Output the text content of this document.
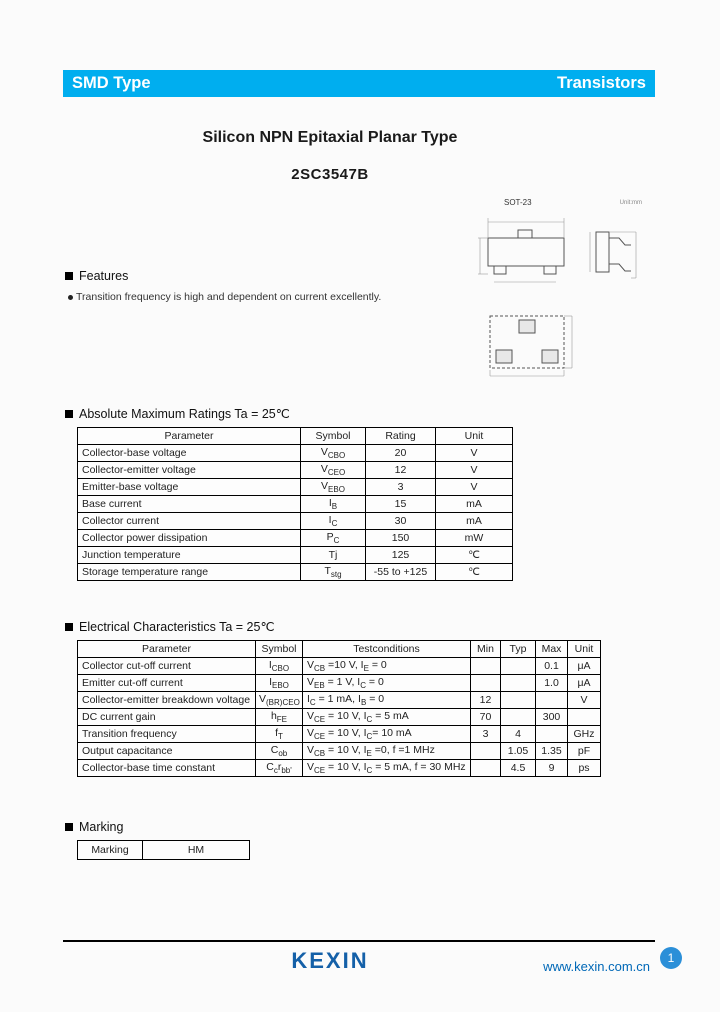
SMD Type	Transistors
Silicon NPN Epitaxial Planar Type
2SC3547B
SOT-23	Unit:mm
Features
Transition frequency is high and dependent on current excellently.
Absolute Maximum Ratings Ta = 25℃
Parameter	Symbol	Rating	Unit
Collector-base voltage	$V_{CBO}$	20	V
Collector-emitter voltage	$V_{CEO}$	12	V
Emitter-base voltage	$V_{EBO}$	3	V
Base current	$I_B$	15	mA
Collector current	$I_C$	30	mA
Collector power dissipation	$P_C$	150	mW
Junction temperature	Tj	125	℃
Storage temperature range	$T_{stg}$	-55 to +125	℃
Electrical Characteristics Ta = 25℃
Parameter	Symbol	Testconditions	Min	Typ	Max	Unit
Collector cut-off current	$I_{CBO}$	$V_{CB} =10$ V, $I_E = 0$			0.1	μA
Emitter cut-off current	$I_{EBO}$	$V_{EB} = 1$ V, $I_C = 0$			1.0	μA
Collector-emitter breakdown voltage	$V_{(BR)CEO}$	$I_C = 1$ mA, $I_B = 0$	12			V
DC current gain	$h_{FE}$	$V_{CE} = 10$ V, $I_C = 5$ mA	70		300	
Transition frequency	$f_T$	$V_{CE} = 10$ V, $I_C= 10$ mA	3	4		GHz
Output capacitance	$C_{ob}$	$V_{CB} = 10$ V, $I_E =0$, f =1 MHz		1.05	1.35	pF
Collector-base time constant	$C_cr_{bb'}$	$V_{CE} = 10$ V, $I_C = 5$ mA, f = 30 MHz		4.5	9	ps
Marking
Marking	HM
KEXIN	www.kexin.com.cn
1
